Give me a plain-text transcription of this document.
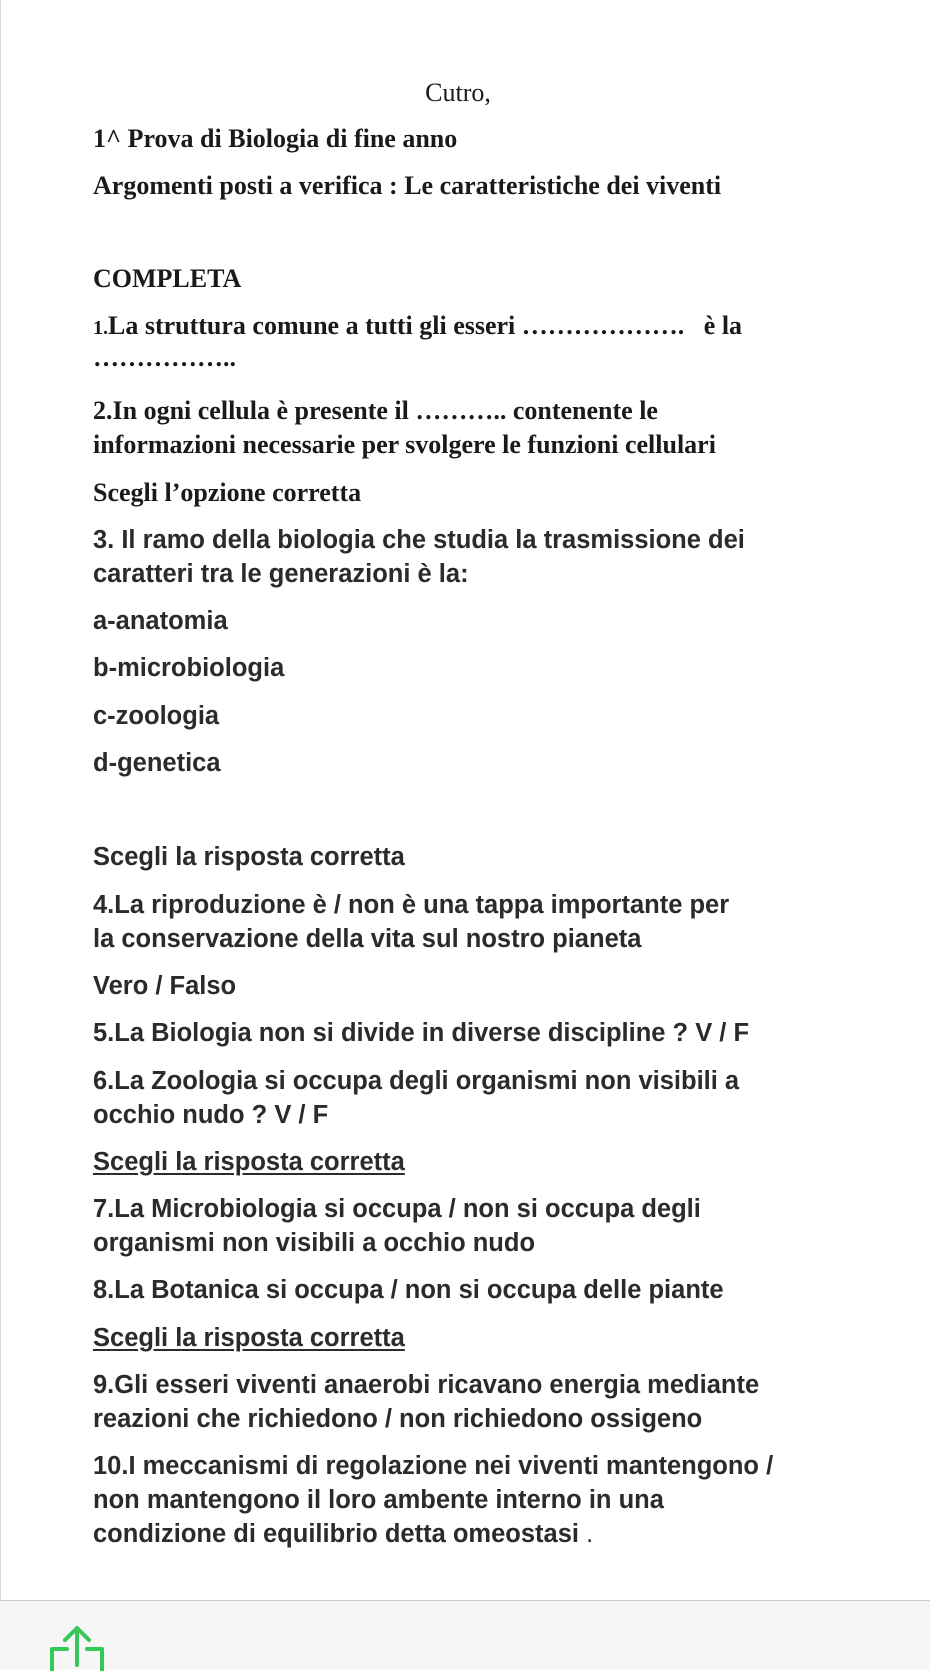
Cutro,

1^ Prova di Biologia di fine anno

Argomenti posti a verifica : Le caratteristiche dei viventi

COMPLETA

1.La struttura comune a tutti gli esseri ……………….   è la

……………..

2.In ogni cellula è presente il ……….. contenente le

informazioni necessarie per svolgere le funzioni cellulari

Scegli l’opzione corretta

3. Il ramo della biologia che studia la trasmissione dei

caratteri tra le generazioni è la:

a-anatomia

b-microbiologia

c-zoologia

d-genetica

Scegli la risposta corretta

4.La riproduzione è / non è una tappa importante per

la conservazione della vita sul nostro pianeta

Vero / Falso

5.La Biologia non si divide in diverse discipline ? V / F

6.La Zoologia si occupa degli organismi non visibili a

occhio nudo ? V / F

Scegli la risposta corretta

7.La Microbiologia si occupa / non si occupa degli

organismi non visibili a occhio nudo

8.La Botanica si occupa / non si occupa delle piante

Scegli la risposta corretta

9.Gli esseri viventi anaerobi ricavano energia mediante

reazioni che richiedono / non richiedono ossigeno

10.I meccanismi di regolazione nei viventi mantengono /

non mantengono il loro ambente interno in una

condizione di equilibrio detta omeostasi .
